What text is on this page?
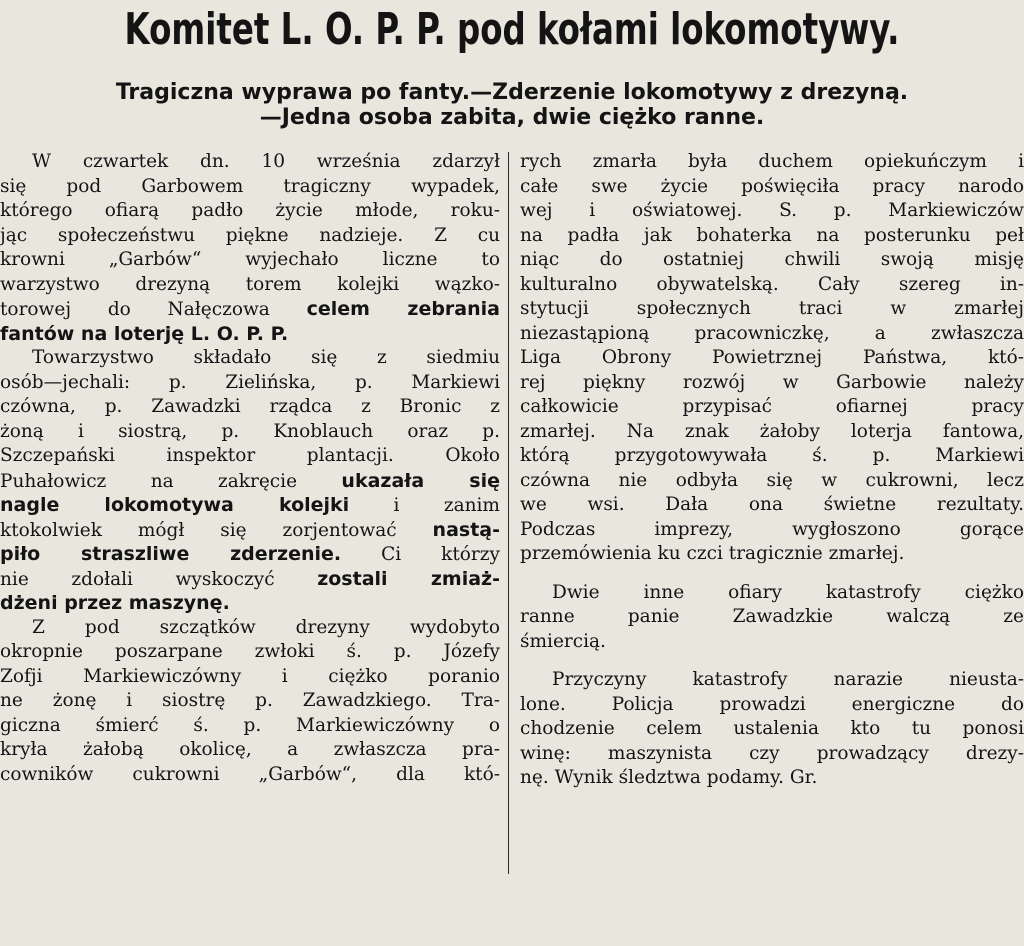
Komitet L. O. P. P. pod kołami lokomotywy.
Tragiczna wyprawa po fanty.—Zderzenie lokomotywy z drezyną.
—Jedna osoba zabita, dwie ciężko ranne.
W czwartek dn. 10 września zdarzył
się pod Garbowem tragiczny wypadek,
którego ofiarą padło życie młode, roku-
jąc społeczeństwu piękne nadzieje. Z cu
krowni „Garbów“ wyjechało liczne to
warzystwo drezyną torem kolejki wązko-
torowej do Nałęczowa celem zebrania
fantów na loterję L. O. P. P.
Towarzystwo składało się z siedmiu
osób—jechali: p. Zielińska, p. Markiewi
czówna, p. Zawadzki rządca z Bronic z
żoną i siostrą, p. Knoblauch oraz p.
Szczepański inspektor plantacji. Około
Puhałowicz na zakręcie ukazała się
nagle lokomotywa kolejki i zanim
ktokolwiek mógł się zorjentować nastą-
piło straszliwe zderzenie. Ci którzy
nie zdołali wyskoczyć zostali zmiaż-
dżeni przez maszynę.
Z pod szczątków drezyny wydobyto
okropnie poszarpane zwłoki ś. p. Józefy
Zofji Markiewiczówny i ciężko poranio
ne żonę i siostrę p. Zawadzkiego. Tra-
giczna śmierć ś. p. Markiewiczówny o
kryła żałobą okolicę, a zwłaszcza pra-
cowników cukrowni „Garbów“, dla któ-
rych zmarła była duchem opiekuńczym i
całe swe życie poświęciła pracy narodo
wej i oświatowej. S. p. Markiewiczów
na padła jak bohaterka na posterunku peł
niąc do ostatniej chwili swoją misję
kulturalno obywatelską. Cały szereg in-
stytucji społecznych traci w zmarłej
niezastąpioną pracowniczkę, a zwłaszcza
Liga Obrony Powietrznej Państwa, któ-
rej piękny rozwój w Garbowie należy
całkowicie przypisać ofiarnej pracy
zmarłej. Na znak żałoby loterja fantowa,
którą przygotowywała ś. p. Markiewi
czówna nie odbyła się w cukrowni, lecz
we wsi. Dała ona świetne rezultaty.
Podczas imprezy, wygłoszono gorące
przemówienia ku czci tragicznie zmarłej.
Dwie inne ofiary katastrofy ciężko
ranne panie Zawadzkie walczą ze
śmiercią.
Przyczyny katastrofy narazie nieusta-
lone. Policja prowadzi energiczne do
chodzenie celem ustalenia kto tu ponosi
winę: maszynista czy prowadzący drezy-
nę. Wynik śledztwa podamy. Gr.
